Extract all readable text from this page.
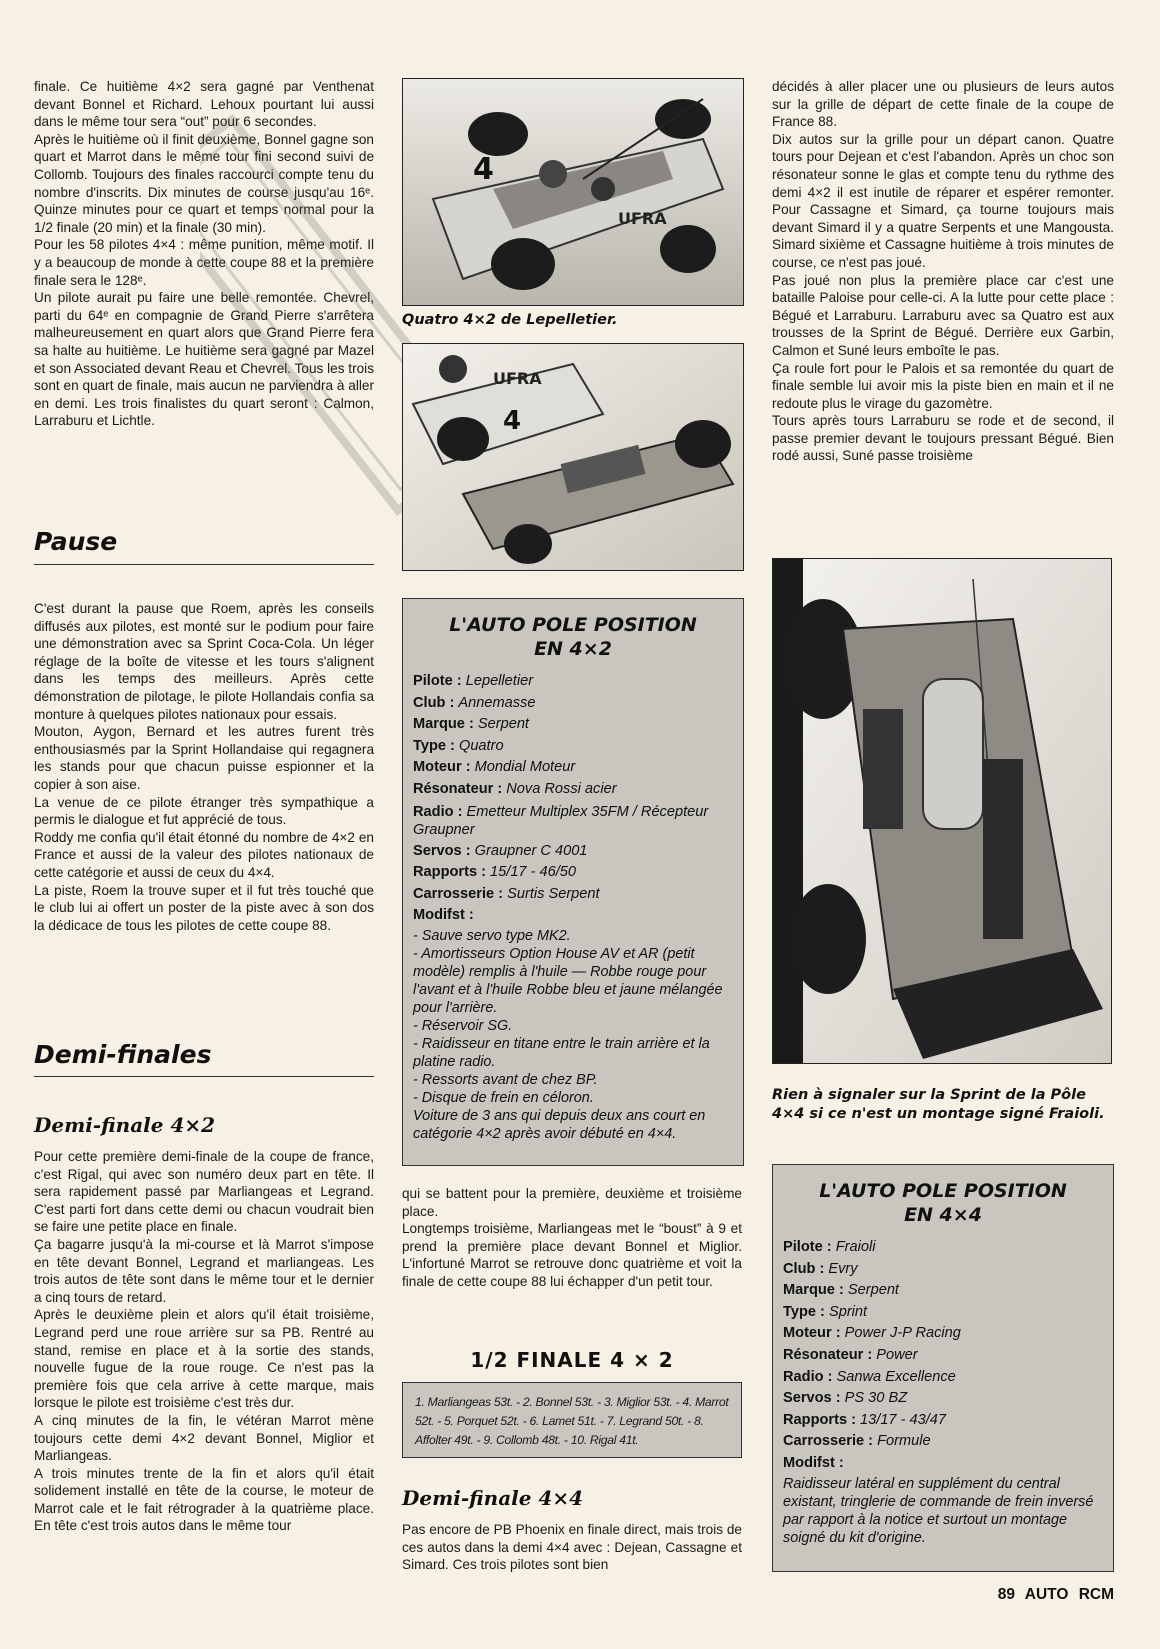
finale. Ce huitième 4×2 sera gagné par Venthenat devant Bonnel et Richard. Lehoux pourtant lui aussi dans le même tour sera “out” pour 6 secondes.

Après le huitième où il finit deuxième, Bonnel gagne son quart et Marrot dans le même tour fini second suivi de Collomb. Toujours des finales raccourci compte tenu du nombre d'inscrits. Dix minutes de course jusqu'au 16ᵉ. Quinze minutes pour ce quart et temps normal pour la 1/2 finale (20 min) et la finale (30 min).

Pour les 58 pilotes 4×4 : même punition, même motif. Il y a beaucoup de monde à cette coupe 88 et la première finale sera le 128ᵉ.

Un pilote aurait pu faire une belle remontée. Chevrel, parti du 64ᵉ en compagnie de Grand Pierre s'arrêtera malheureusement en quart alors que Grand Pierre fera sa halte au huitième. Le huitième sera gagné par Mazel et son Associated devant Reau et Chevrel. Tous les trois sont en quart de finale, mais aucun ne parviendra à aller en demi. Les trois finalistes du quart seront : Calmon, Larraburu et Lichtle.

Pause

C'est durant la pause que Roem, après les conseils diffusés aux pilotes, est monté sur le podium pour faire une démonstration avec sa Sprint Coca-Cola. Un léger réglage de la boîte de vitesse et les tours s'alignent dans les temps des meilleurs. Après cette démonstration de pilotage, le pilote Hollandais confia sa monture à quelques pilotes nationaux pour essais.

Mouton, Aygon, Bernard et les autres furent très enthousiasmés par la Sprint Hollandaise qui regagnera les stands pour que chacun puisse espionner et la copier à son aise.

La venue de ce pilote étranger très sympathique a permis le dialogue et fut apprécié de tous.

Roddy me confia qu'il était étonné du nombre de 4×2 en France et aussi de la valeur des pilotes nationaux de cette catégorie et aussi de ceux du 4×4.

La piste, Roem la trouve super et il fut très touché que le club lui ai offert un poster de la piste avec à son dos la dédicace de tous les pilotes de cette coupe 88.

Demi-finales
Demi-finale 4×2

Pour cette première demi-finale de la coupe de france, c'est Rigal, qui avec son numéro deux part en tête. Il sera rapidement passé par Marliangeas et Legrand. C'est parti fort dans cette demi ou chacun voudrait bien se faire une petite place en finale.

Ça bagarre jusqu'à la mi-course et là Marrot s'impose en tête devant Bonnel, Legrand et marliangeas. Les trois autos de tête sont dans le même tour et le dernier a cinq tours de retard.

Après le deuxième plein et alors qu'il était troisième, Legrand perd une roue arrière sur sa PB. Rentré au stand, remise en place et à la sortie des stands, nouvelle fugue de la roue rouge. Ce n'est pas la première fois que cela arrive à cette marque, mais lorsque le pilote est troisième c'est très dur.

A cinq minutes de la fin, le vétéran Marrot mène toujours cette demi 4×2 devant Bonnel, Miglior et Marliangeas.

A trois minutes trente de la fin et alors qu'il était solidement installé en tête de la course, le moteur de Marrot cale et le fait rétrograder à la quatrième place. En tête c'est trois autos dans le même tour

UFRA
4
Quatro 4×2 de Lepelletier.
UFRA
4
L'AUTO POLE POSITION
EN 4×2
Pilote : Lepelletier
Club : Annemasse
Marque : Serpent
Type : Quatro
Moteur : Mondial Moteur
Résonateur : Nova Rossi acier
Radio : Emetteur Multiplex 35FM / Récepteur Graupner
Servos : Graupner C 4001
Rapports : 15/17 - 46/50
Carrosserie : Surtis Serpent
Modifst :
- Sauve servo type MK2.
- Amortisseurs Option House AV et AR (petit modèle) remplis à l'huile — Robbe rouge pour l'avant et à l'huile Robbe bleu et jaune mélangée pour l'arrière.
- Réservoir SG.
- Raidisseur en titane entre le train arrière et la platine radio.
- Ressorts avant de chez BP.
- Disque de frein en céloron.
Voiture de 3 ans qui depuis deux ans court en catégorie 4×2 après avoir débuté en 4×4.

qui se battent pour la première, deuxième et troisième place.

Longtemps troisième, Marliangeas met le “boust” à 9 et prend la première place devant Bonnel et Miglior. L'infortuné Marrot se retrouve donc quatrième et voit la finale de cette coupe 88 lui échapper d'un petit tour.

1/2 FINALE 4 × 2
1. Marliangeas 53t. - 2. Bonnel 53t. - 3. Miglior 53t. - 4. Marrot 52t. - 5. Porquet 52t. - 6. Lamet 51t. - 7. Legrand 50t. - 8. Affolter 49t. - 9. Collomb 48t. - 10. Rigal 41t.
Demi-finale 4×4

Pas encore de PB Phoenix en finale direct, mais trois de ces autos dans la demi 4×4 avec : Dejean, Cassagne et Simard. Ces trois pilotes sont bien

décidés à aller placer une ou plusieurs de leurs autos sur la grille de départ de cette finale de la coupe de France 88.

Dix autos sur la grille pour un départ canon. Quatre tours pour Dejean et c'est l'abandon. Après un choc son résonateur sonne le glas et compte tenu du rythme des demi 4×2 il est inutile de réparer et espérer remonter. Pour Cassagne et Simard, ça tourne toujours mais devant Simard il y a quatre Serpents et une Mangousta. Simard sixième et Cassagne huitième à trois minutes de course, ce n'est pas joué.

Pas joué non plus la première place car c'est une bataille Paloise pour celle-ci. A la lutte pour cette place : Bégué et Larraburu. Larraburu avec sa Quatro est aux trousses de la Sprint de Bégué. Derrière eux Garbin, Calmon et Suné leurs emboîte le pas.

Ça roule fort pour le Palois et sa remontée du quart de finale semble lui avoir mis la piste bien en main et il ne redoute plus le virage du gazomètre.

Tours après tours Larraburu se rode et de second, il passe premier devant le toujours pressant Bégué. Bien rodé aussi, Suné passe troisième

Rien à signaler sur la Sprint de la Pôle 4×4 si ce n'est un montage signé Fraioli.
L'AUTO POLE POSITION
EN 4×4
Pilote : Fraioli
Club : Evry
Marque : Serpent
Type : Sprint
Moteur : Power J-P Racing
Résonateur : Power
Radio : Sanwa Excellence
Servos : PS 30 BZ
Rapports : 13/17 - 43/47
Carrosserie : Formule
Modifst :
Raidisseur latéral en supplément du central existant, tringlerie de commande de frein inversé par rapport à la notice et surtout un montage soigné du kit d'origine.
89 AUTO RCM
